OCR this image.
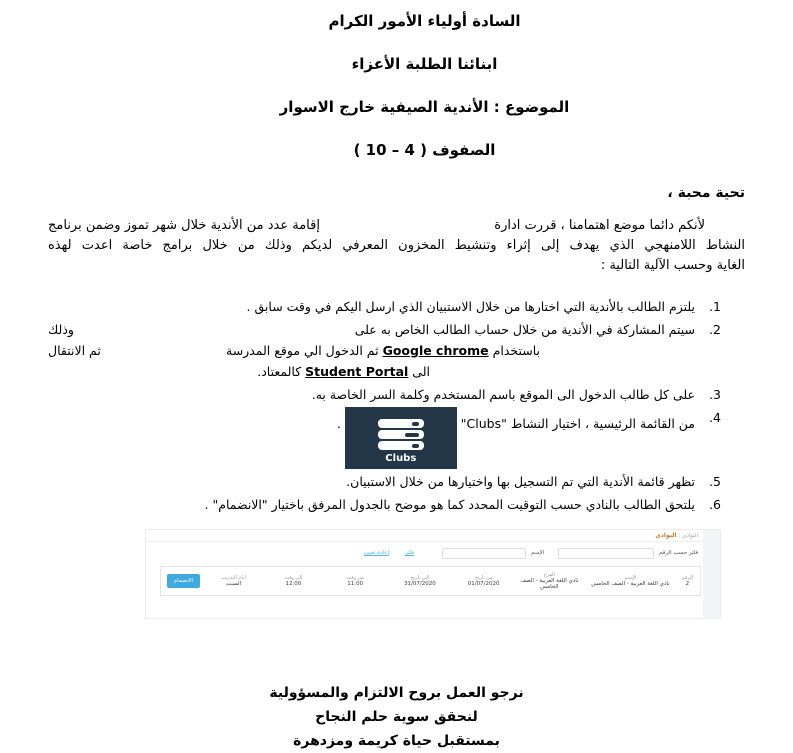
السادة أولياء الأمور الكرام
ابنائنا الطلبة الأعزاء
الموضوع : الأندية الصيفية خارج الاسوار
الصفوف ( 4 – 10 )
تحية محبة ،
لأنكم دائما موضع اهتمامنا ، قررت ادارة
إقامة عدد من الأندية خلال شهر تموز وضمن برنامج
النشاط اللامنهجي الذي يهدف إلى إثراء وتنشيط المخزون المعرفي لديكم وذلك من خلال برامج خاصة اعدت لهذه
الغاية وحسب الآلية التالية :
1.
يلتزم الطالب بالأندية التي اختارها من خلال الاستبيان الذي ارسل اليكم في وقت سابق .
2.
سيتم المشاركة في الأندية من خلال حساب الطالب الخاص به على
وذلك
باستخدام Google chrome ثم الدخول الي موقع المدرسة
ثم الانتقال
الى Student Portal كالمعتاد.
3.
على كل طالب الدخول الى الموقع باسم المستخدم وكلمة السر الخاصة به.
4.
من القائمة الرئيسية ، اختيار النشاط "Clubs"
Clubs
.
5.
تظهر قائمة الأندية التي تم التسجيل بها واختيارها من خلال الاستبيان.
6.
يلتحق الطالب بالنادي حسب التوقيت المحدد كما هو موضح بالجدول المرفق باختيار "الانضمام" .
النوادي : النوادي
فلتر حسب الرقم
الإسم
فلتر
إعادة تعيين
الرقم
2
الإسم
نادي اللغة العربية - الصف الخامس
الفرع
نادي اللغة العربية - الصف الخامس
من تاريخ
01/07/2020
الى تاريخ
31/07/2020
من وقت
11:00
الى وقت
12:00
ايام التدريب
السبت
الانضمام
نرجو العمل بروح الالتزام والمسؤولية
لنحقق سوية حلم النجاح
بمستقبل حياة كريمة ومزدهرة
